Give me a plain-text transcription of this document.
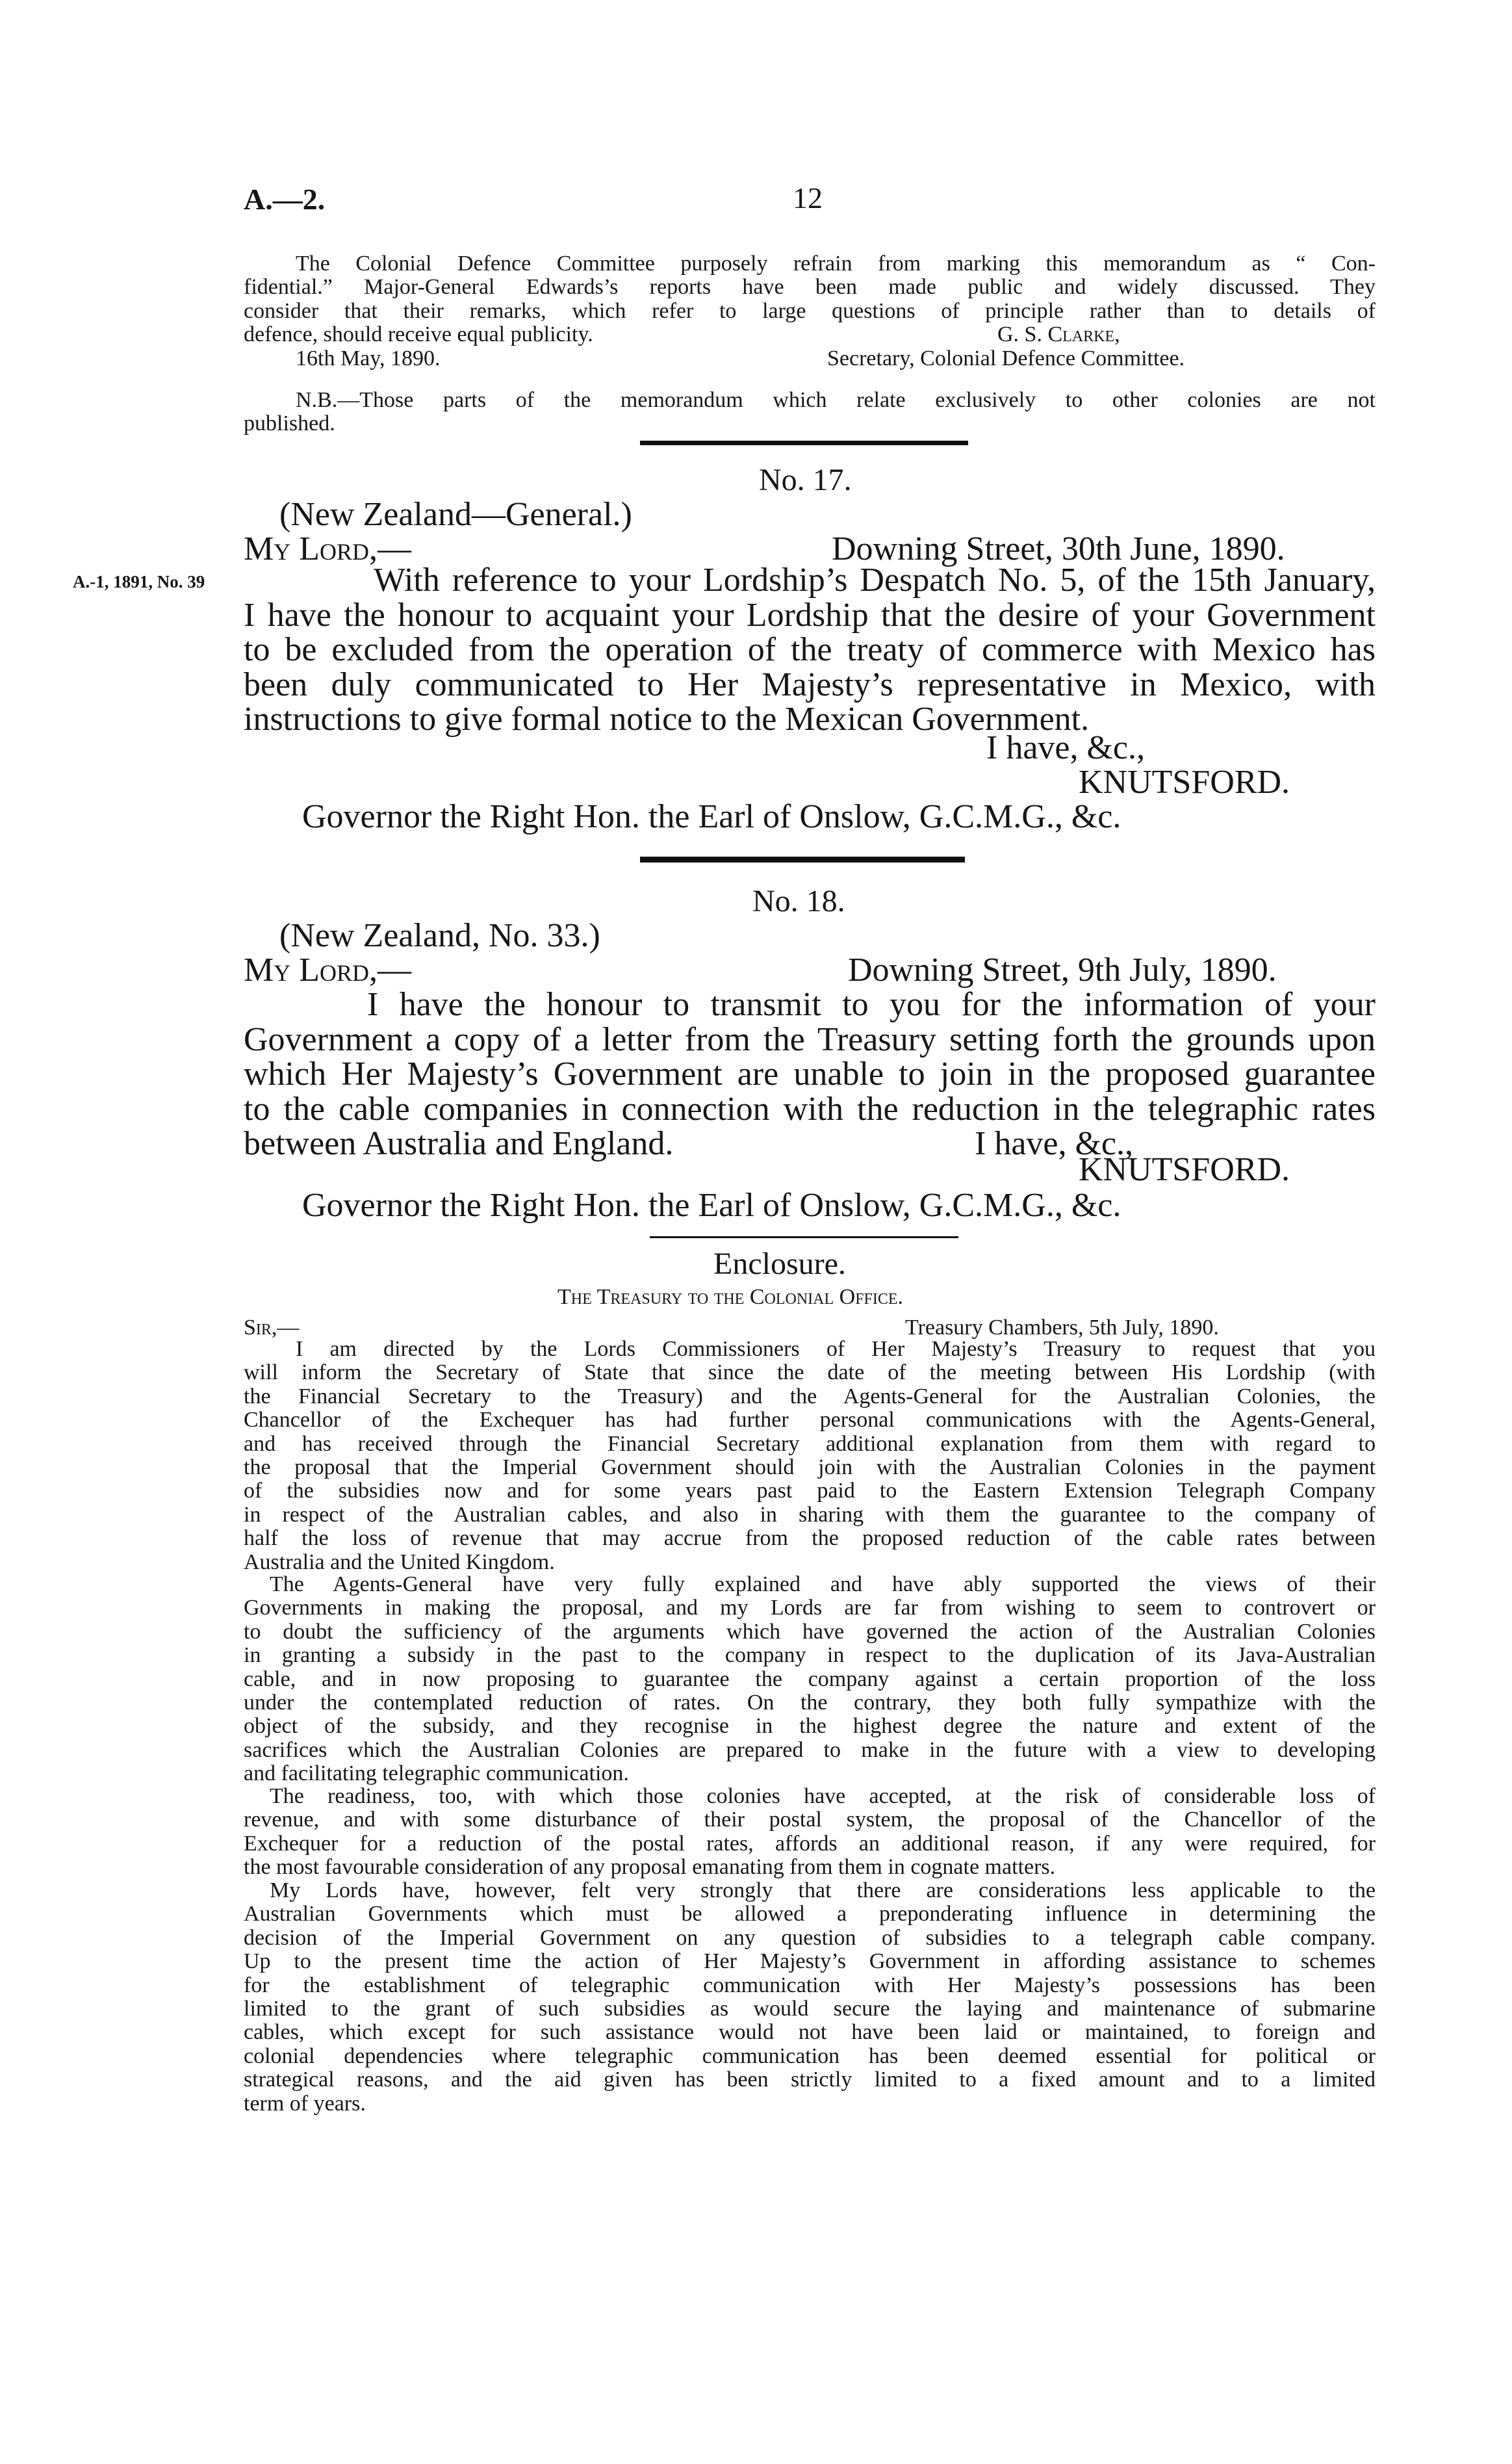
A.—2.	12

The Colonial Defence Committee purposely refrain from marking this memorandum as “ Con-

fidential.” Major-General Edwards’s reports have been made public and widely discussed. They

consider that their remarks, which refer to large questions of principle rather than to details of

defence, should receive equal publicity.	G. S. Clarke,
16th May, 1890.	Secretary, Colonial Defence Committee.

N.B.—Those parts of the memorandum which relate exclusively to other colonies are not

published.

No. 17.
(New Zealand—General.)
My Lord,—	Downing Street, 30th June, 1890.
A.-1, 1891, No. 39	With reference to your Lordship’s Despatch No. 5, of the 15th January,

I have the honour to acquaint your Lordship that the desire of your Government

to be excluded from the operation of the treaty of commerce with Mexico has

been duly communicated to Her Majesty’s representative in Mexico, with

instructions to give formal notice to the Mexican Government.

I have, &c.,
KNUTSFORD.
Governor the Right Hon. the Earl of Onslow, G.C.M.G., &c.
No. 18.
(New Zealand, No. 33.)
My Lord,—	Downing Street, 9th July, 1890.

I have the honour to transmit to you for the information of your

Government a copy of a letter from the Treasury setting forth the grounds upon

which Her Majesty’s Government are unable to join in the proposed guarantee

to the cable companies in connection with the reduction in the telegraphic rates

between Australia and England.	I have, &c.,
KNUTSFORD.
Governor the Right Hon. the Earl of Onslow, G.C.M.G., &c.
Enclosure.
The Treasury to the Colonial Office.
Sir,—	Treasury Chambers, 5th July, 1890.

I am directed by the Lords Commissioners of Her Majesty’s Treasury to request that you

will inform the Secretary of State that since the date of the meeting between His Lordship (with

the Financial Secretary to the Treasury) and the Agents-General for the Australian Colonies, the

Chancellor of the Exchequer has had further personal communications with the Agents-General,

and has received through the Financial Secretary additional explanation from them with regard to

the proposal that the Imperial Government should join with the Australian Colonies in the payment

of the subsidies now and for some years past paid to the Eastern Extension Telegraph Company

in respect of the Australian cables, and also in sharing with them the guarantee to the company of

half the loss of revenue that may accrue from the proposed reduction of the cable rates between

Australia and the United Kingdom.

The Agents-General have very fully explained and have ably supported the views of their

Governments in making the proposal, and my Lords are far from wishing to seem to controvert or

to doubt the sufficiency of the arguments which have governed the action of the Australian Colonies

in granting a subsidy in the past to the company in respect to the duplication of its Java-Australian

cable, and in now proposing to guarantee the company against a certain proportion of the loss

under the contemplated reduction of rates. On the contrary, they both fully sympathize with the

object of the subsidy, and they recognise in the highest degree the nature and extent of the

sacrifices which the Australian Colonies are prepared to make in the future with a view to developing

and facilitating telegraphic communication.

The readiness, too, with which those colonies have accepted, at the risk of considerable loss of

revenue, and with some disturbance of their postal system, the proposal of the Chancellor of the

Exchequer for a reduction of the postal rates, affords an additional reason, if any were required, for

the most favourable consideration of any proposal emanating from them in cognate matters.

My Lords have, however, felt very strongly that there are considerations less applicable to the

Australian Governments which must be allowed a preponderating influence in determining the

decision of the Imperial Government on any question of subsidies to a telegraph cable company.

Up to the present time the action of Her Majesty’s Government in affording assistance to schemes

for the establishment of telegraphic communication with Her Majesty’s possessions has been

limited to the grant of such subsidies as would secure the laying and maintenance of submarine

cables, which except for such assistance would not have been laid or maintained, to foreign and

colonial dependencies where telegraphic communication has been deemed essential for political or

strategical reasons, and the aid given has been strictly limited to a fixed amount and to a limited

term of years.
